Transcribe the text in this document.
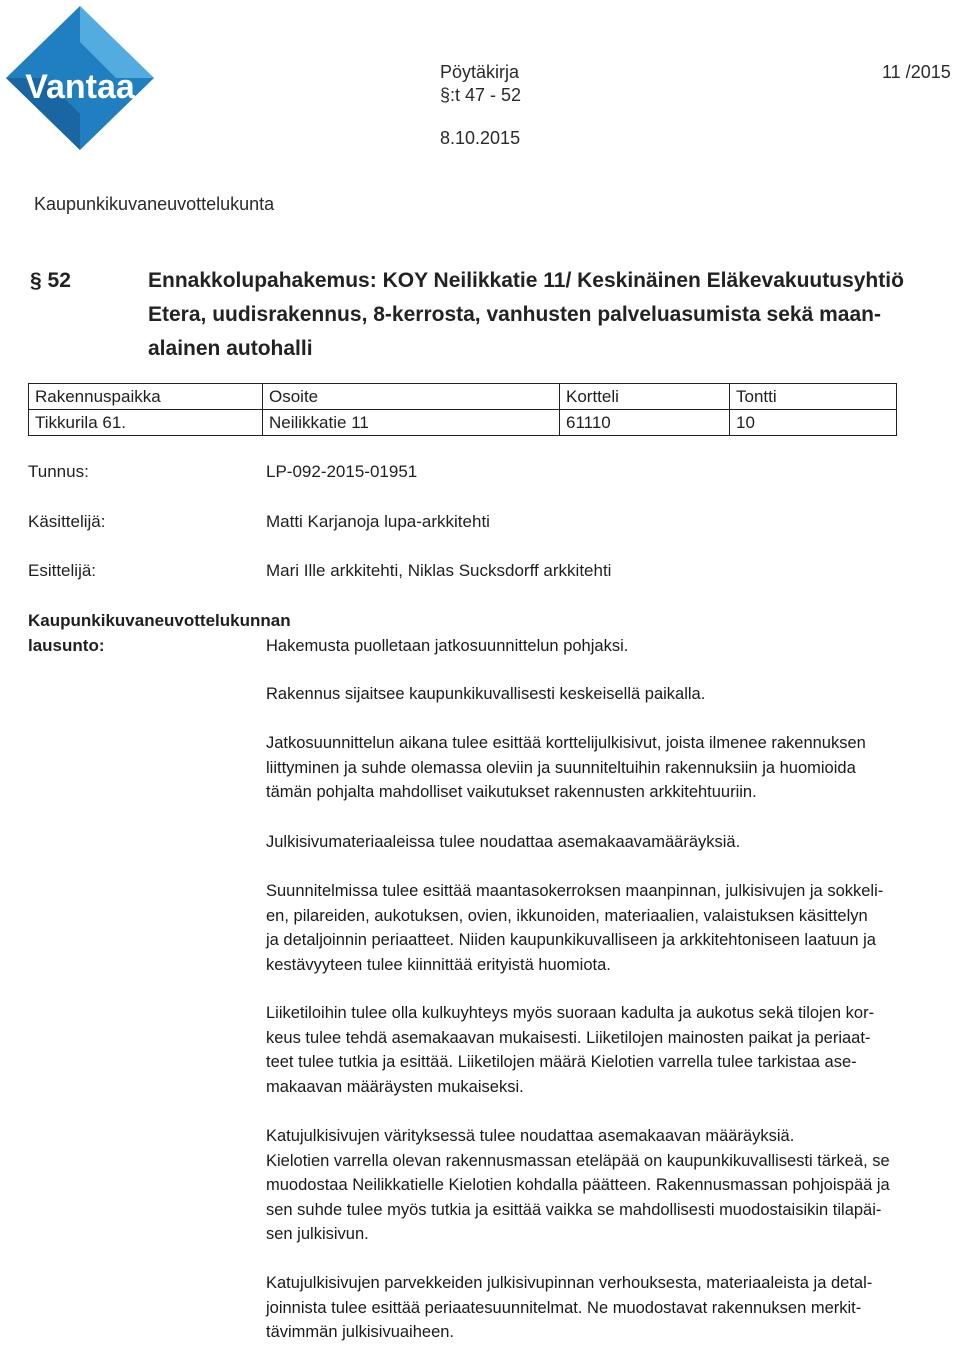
Vantaa	Pöytäkirja	11 /2015
§:t 47 - 52
8.10.2015
Kaupunkikuvaneuvottelukunta
§ 52	Ennakkolupahakemus: KOY Neilikkatie 11/ Keskinäinen Eläkevakuutusyhtiö
Etera, uudisrakennus, 8-kerrosta, vanhusten palveluasumista sekä maan-
alainen autohalli
Rakennuspaikka	Osoite	Kortteli	Tontti
Tikkurila 61.	Neilikkatie 11	61110	10
Tunnus:	LP-092-2015-01951
Käsittelijä:	Matti Karjanoja lupa-arkkitehti
Esittelijä:	Mari Ille arkkitehti, Niklas Sucksdorff arkkitehti
Kaupunkikuvaneuvottelukunnan
lausunto:	Hakemusta puolletaan jatkosuunnittelun pohjaksi.
Rakennus sijaitsee kaupunkikuvallisesti keskeisellä paikalla.
Jatkosuunnittelun aikana tulee esittää korttelijulkisivut, joista ilmenee rakennuksen
liittyminen ja suhde olemassa oleviin ja suunniteltuihin rakennuksiin ja huomioida
tämän pohjalta mahdolliset vaikutukset rakennusten arkkitehtuuriin.
Julkisivumateriaaleissa tulee noudattaa asemakaavamääräyksiä.
Suunnitelmissa tulee esittää maantasokerroksen maanpinnan, julkisivujen ja sokkeli-
en, pilareiden, aukotuksen, ovien, ikkunoiden, materiaalien, valaistuksen käsittelyn
ja detaljoinnin periaatteet. Niiden kaupunkikuvalliseen ja arkkitehtoniseen laatuun ja
kestävyyteen tulee kiinnittää erityistä huomiota.
Liiketiloihin tulee olla kulkuyhteys myös suoraan kadulta ja aukotus sekä tilojen kor-
keus tulee tehdä asemakaavan mukaisesti. Liiketilojen mainosten paikat ja periaat-
teet tulee tutkia ja esittää. Liiketilojen määrä Kielotien varrella tulee tarkistaa ase-
makaavan määräysten mukaiseksi.
Katujulkisivujen värityksessä tulee noudattaa asemakaavan määräyksiä.
Kielotien varrella olevan rakennusmassan eteläpää on kaupunkikuvallisesti tärkeä, se
muodostaa Neilikkatielle Kielotien kohdalla päätteen. Rakennusmassan pohjoispää ja
sen suhde tulee myös tutkia ja esittää vaikka se mahdollisesti muodostaisikin tilapäi-
sen julkisivun.
Katujulkisivujen parvekkeiden julkisivupinnan verhouksesta, materiaaleista ja detal-
joinnista tulee esittää periaatesuunnitelmat. Ne muodostavat rakennuksen merkit-
tävimmän julkisivuaiheen.
